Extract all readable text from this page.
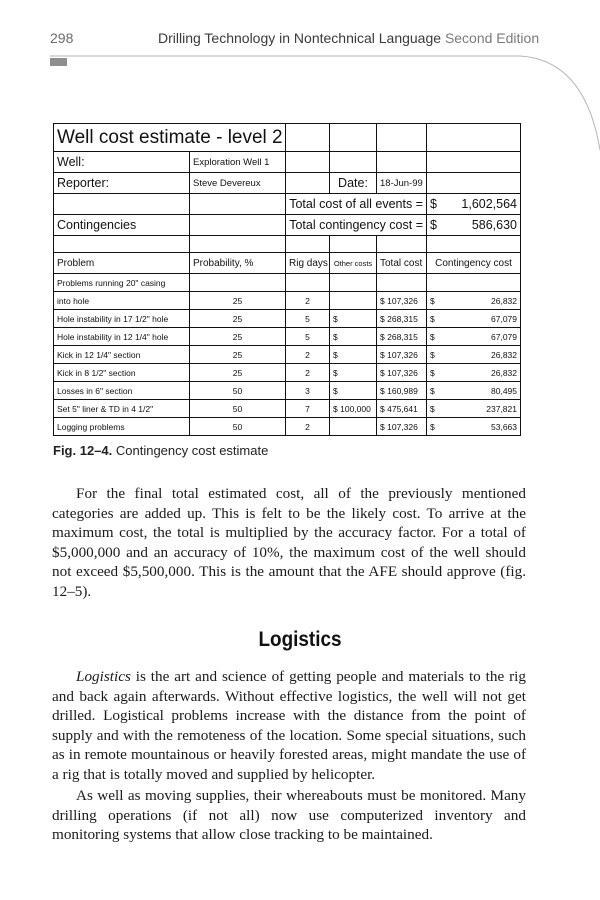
298	Drilling Technology in Nontechnical Language Second Edition
Well cost estimate - level 2					
Well:	Exploration Well 1				
Reporter:	Steve Devereux		Date:	18-Jun-99	
		Total cost of all events =			$ 1,602,564

Contingencies		Total contingency cost =			$ 586,630

Problem	Probability, %	Rig days	Other costs	Total cost	Contingency cost
Problems running 20" casing					
into hole	25	2		$ 107,326	$ 26,832

Hole instability in 17 1/2" hole	25	5	$	$ 268,315	$ 67,079

Hole instability in 12 1/4" hole	25	5	$	$ 268,315	$ 67,079

Kick in 12 1/4" section	25	2	$	$ 107,326	$ 26,832

Kick in 8 1/2" section	25	2	$	$ 107,326	$ 26,832

Losses in 6" section	50	3	$	$ 160,989	$ 80,495

Set 5" liner & TD in 4 1/2"	50	7	$ 100,000	$ 475,641	$ 237,821

Logging problems	50	2		$ 107,326	$ 53,663
Fig. 12–4. Contingency cost estimate

For the final total estimated cost, all of the previously mentioned categories are added up. This is felt to be the likely cost. To arrive at the maximum cost, the total is multiplied by the accuracy factor. For a total of $5,000,000 and an accuracy of 10%, the maximum cost of the well should not exceed $5,500,000. This is the amount that the AFE should approve (fig. 12–5).

Logistics

Logistics is the art and science of getting people and materials to the rig and back again afterwards. Without effective logistics, the well will not get drilled. Logistical problems increase with the distance from the point of supply and with the remoteness of the location. Some special situations, such as in remote mountainous or heavily forested areas, might mandate the use of a rig that is totally moved and supplied by helicopter.

As well as moving supplies, their whereabouts must be monitored. Many drilling operations (if not all) now use computerized inventory and monitoring systems that allow close tracking to be maintained.
